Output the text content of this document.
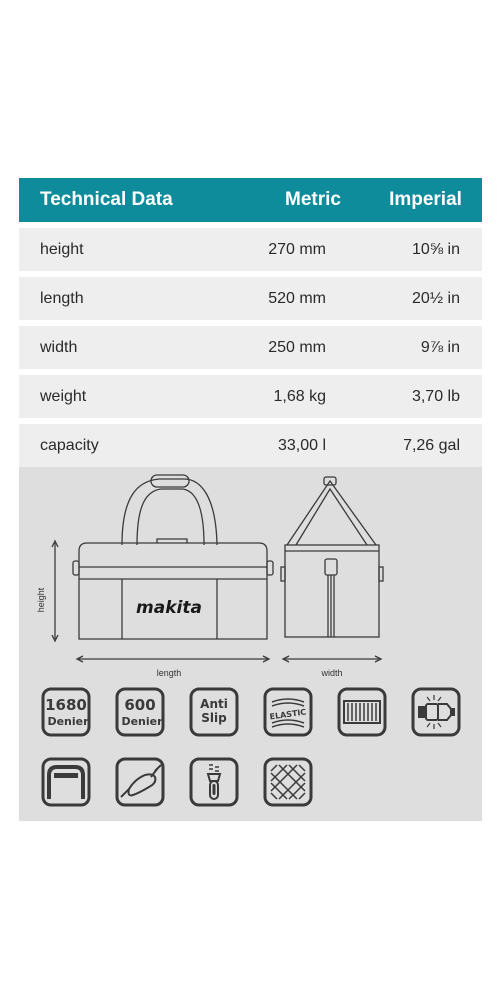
Technical Data	Metric	Imperial
height	270 mm	10⅝ in
length	520 mm	20½ in
width	250 mm	9⅞ in
weight	1,68 kg	3,70 lb
capacity	33,00 l	7,26 gal
makita
height
length	width
1680
Denier
600
Denier
Anti
Slip	ELASTIC
